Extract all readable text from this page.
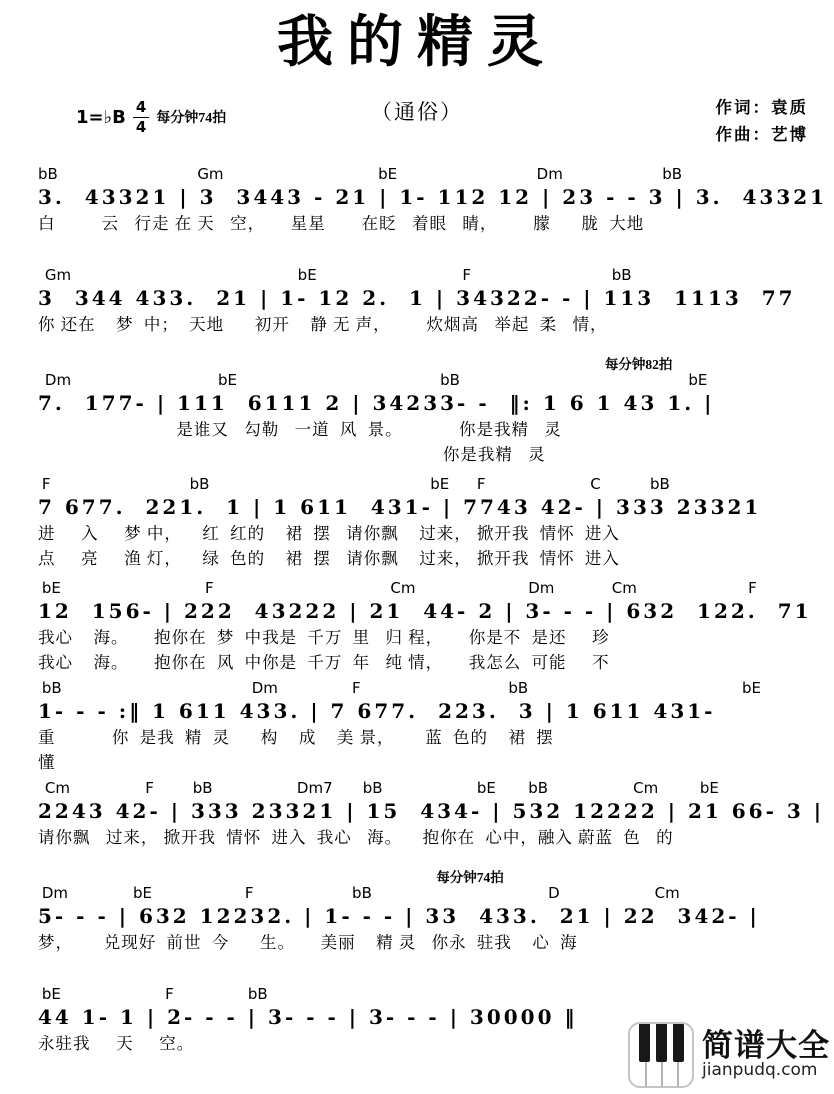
我的精灵
1=♭B $\frac{4}{4}$ 每分钟74拍	（通俗）	作词：袁质
作曲：艺博
bB	Gm	bE	Dm	bB
3.  43321 | 3  3443 - 21 | 1- 112 12 | 23 - - 3 | 3.  43321
白         云   行走 在 天   空，     星星       在眨   着眼   睛，       朦      胧  大地
Gm	bE	F	bB
3  344 433.  21 | 1- 12 2.  1 | 34322- - | 113  1113  77
你 还在    梦  中；  天地      初开    静 无 声，       炊烟高   举起  柔   情，
Dm	bE	bB	bE
每分钟82拍
7.  177- | 111  6111 2 | 34233- -  ‖: 1 6 1 43 1. |
是谁又   勾勒   一道  风  景。           你是我精   灵
你是我精   灵
F	bB	bE F	C	bB
7 677.  221.  1 | 1 611  431- | 7743 42- | 333 23321
进     入     梦 中，    红  红的    裙  摆   请你飘    过来， 掀开我  情怀  进入
点     亮     渔 灯，    绿  色的    裙  摆   请你飘    过来， 掀开我  情怀  进入
bE	F	Cm	Dm	Cm	F
12  156- | 222  43222 | 21  44- 2 | 3- - - | 632  122.  71
我心    海。     抱你在  梦  中我是  千万  里   归 程，     你是不  是还     珍
我心    海。     抱你在  风  中你是  千万  年   纯 情，     我怎么  可能     不
bB	Dm	F	bB	bE
1- - - :‖ 1 611 433. | 7 677.  223.  3 | 1 611 431-
重           你  是我  精  灵      构    成    美 景，      蓝  色的    裙  摆
懂
Cm	F	bB	Dm7 bB	bE bB	Cm	bE
2243 42- | 333 23321 | 15  434- | 532 12222 | 21 66- 3 |
请你飘   过来， 掀开我  情怀  进入  我心   海。    抱你在  心中，融入 蔚蓝  色   的
Dm	bE	F	bB	D	Cm
每分钟74拍
5- - - | 632 12232. | 1- - - | 33  433.  21 | 22  342- |
梦，      兑现好  前世  今      生。     美丽    精 灵   你永  驻我    心  海
bE	F	bB
44 1- 1 | 2- - - | 3- - - | 3- - - | 30000 ‖
永驻我     天     空。	简谱大全
jianpudq.com
